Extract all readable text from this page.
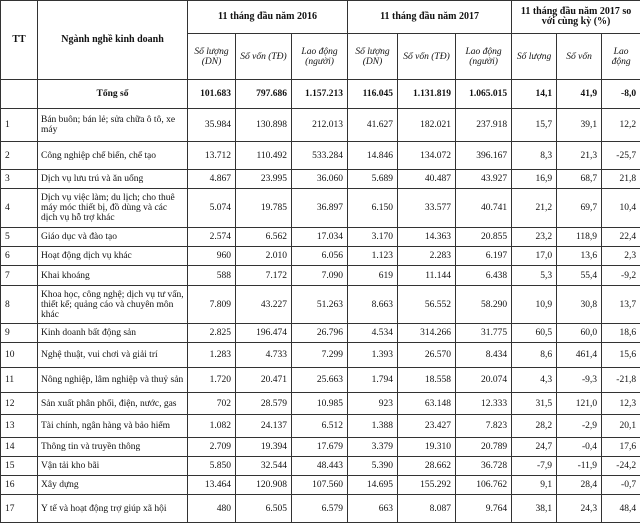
TT	Ngành nghề kinh doanh	11 tháng đầu năm 2016			11 tháng đầu năm 2017			11 tháng đầu năm 2017 so với cùng kỳ (%)		
		Số lượng (DN)	Số vốn (TĐ)	Lao động (người)	Số lượng (DN)	Số vốn (TĐ)	Lao động (người)	Số lượng	Số vốn	Lao động
	Tổng số	101.683	797.686	1.157.213	116.045	1.131.819	1.065.015	14,1	41,9	-8,0
1	Bán buôn; bán lẻ; sửa chữa ô tô, xe máy	35.984	130.898	212.013	41.627	182.021	237.918	15,7	39,1	12,2
2	Công nghiệp chế biến, chế tạo	13.712	110.492	533.284	14.846	134.072	396.167	8,3	21,3	-25,7
3	Dịch vụ lưu trú và ăn uống	4.867	23.995	36.060	5.689	40.487	43.927	16,9	68,7	21,8
4	Dịch vụ việc làm; du lịch; cho thuê máy móc thiết bị, đồ dùng và các dịch vụ hỗ trợ khác	5.074	19.785	36.897	6.150	33.577	40.741	21,2	69,7	10,4
5	Giáo dục và đào tạo	2.574	6.562	17.034	3.170	14.363	20.855	23,2	118,9	22,4
6	Hoạt động dịch vụ khác	960	2.010	6.056	1.123	2.283	6.197	17,0	13,6	2,3
7	Khai khoáng	588	7.172	7.090	619	11.144	6.438	5,3	55,4	-9,2
8	Khoa học, công nghệ; dịch vụ tư vấn, thiết kế; quảng cáo và chuyên môn khác	7.809	43.227	51.263	8.663	56.552	58.290	10,9	30,8	13,7
9	Kinh doanh bất động sản	2.825	196.474	26.796	4.534	314.266	31.775	60,5	60,0	18,6
10	Nghệ thuật, vui chơi và giải trí	1.283	4.733	7.299	1.393	26.570	8.434	8,6	461,4	15,6
11	Nông nghiệp, lâm nghiệp và thuỷ sản	1.720	20.471	25.663	1.794	18.558	20.074	4,3	-9,3	-21,8
12	Sản xuất phân phối, điện, nước, gas	702	28.579	10.985	923	63.148	12.333	31,5	121,0	12,3
13	Tài chính, ngân hàng và bảo hiểm	1.082	24.137	6.512	1.388	23.427	7.823	28,2	-2,9	20,1
14	Thông tin và truyền thông	2.709	19.394	17.679	3.379	19.310	20.789	24,7	-0,4	17,6
15	Vận tải kho bãi	5.850	32.544	48.443	5.390	28.662	36.728	-7,9	-11,9	-24,2
16	Xây dựng	13.464	120.908	107.560	14.695	155.292	106.762	9,1	28,4	-0,7
17	Y tế và hoạt động trợ giúp xã hội	480	6.505	6.579	663	8.087	9.764	38,1	24,3	48,4
